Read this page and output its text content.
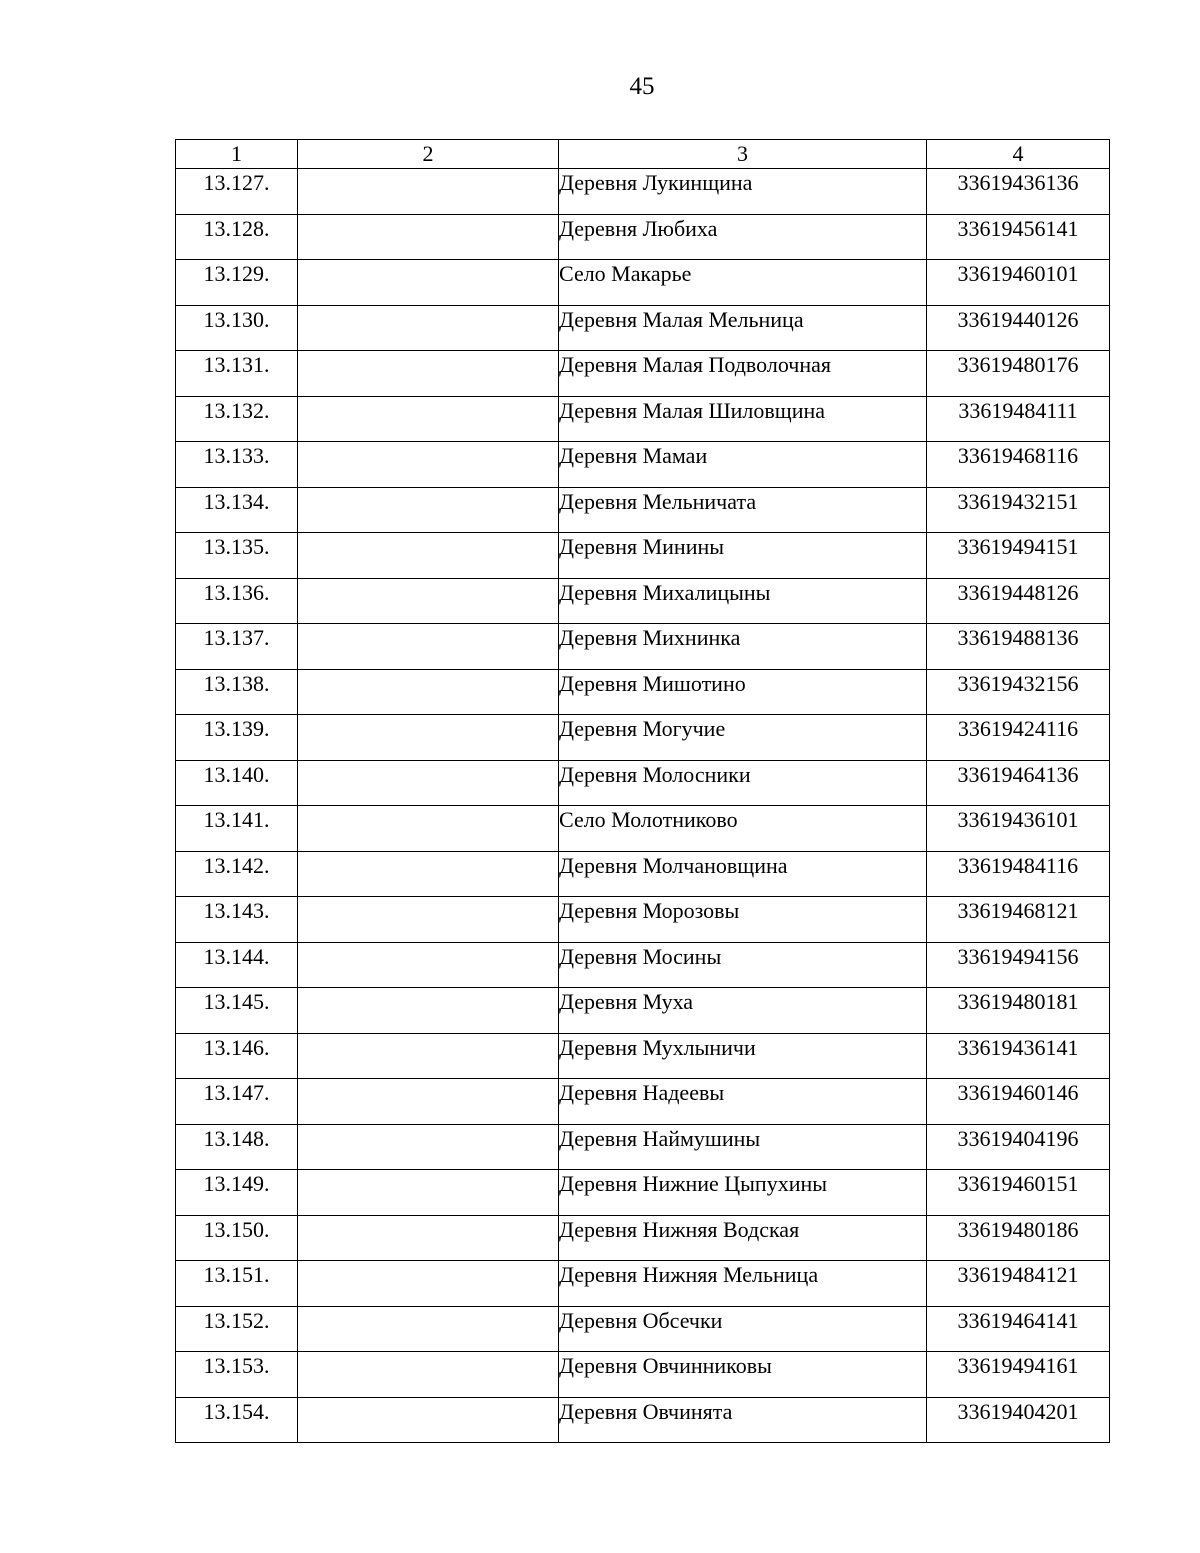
45
1	2	3	4
13.127.		Деревня Лукинщина	33619436136
13.128.		Деревня Любиха	33619456141
13.129.		Село Макарье	33619460101
13.130.		Деревня Малая Мельница	33619440126
13.131.		Деревня Малая Подволочная	33619480176
13.132.		Деревня Малая Шиловщина	33619484111
13.133.		Деревня Мамаи	33619468116
13.134.		Деревня Мельничата	33619432151
13.135.		Деревня Минины	33619494151
13.136.		Деревня Михалицыны	33619448126
13.137.		Деревня Михнинка	33619488136
13.138.		Деревня Мишотино	33619432156
13.139.		Деревня Могучие	33619424116
13.140.		Деревня Молосники	33619464136
13.141.		Село Молотниково	33619436101
13.142.		Деревня Молчановщина	33619484116
13.143.		Деревня Морозовы	33619468121
13.144.		Деревня Мосины	33619494156
13.145.		Деревня Муха	33619480181
13.146.		Деревня Мухлыничи	33619436141
13.147.		Деревня Надеевы	33619460146
13.148.		Деревня Наймушины	33619404196
13.149.		Деревня Нижние Цыпухины	33619460151
13.150.		Деревня Нижняя Водская	33619480186
13.151.		Деревня Нижняя Мельница	33619484121
13.152.		Деревня Обсечки	33619464141
13.153.		Деревня Овчинниковы	33619494161
13.154.		Деревня Овчинята	33619404201
